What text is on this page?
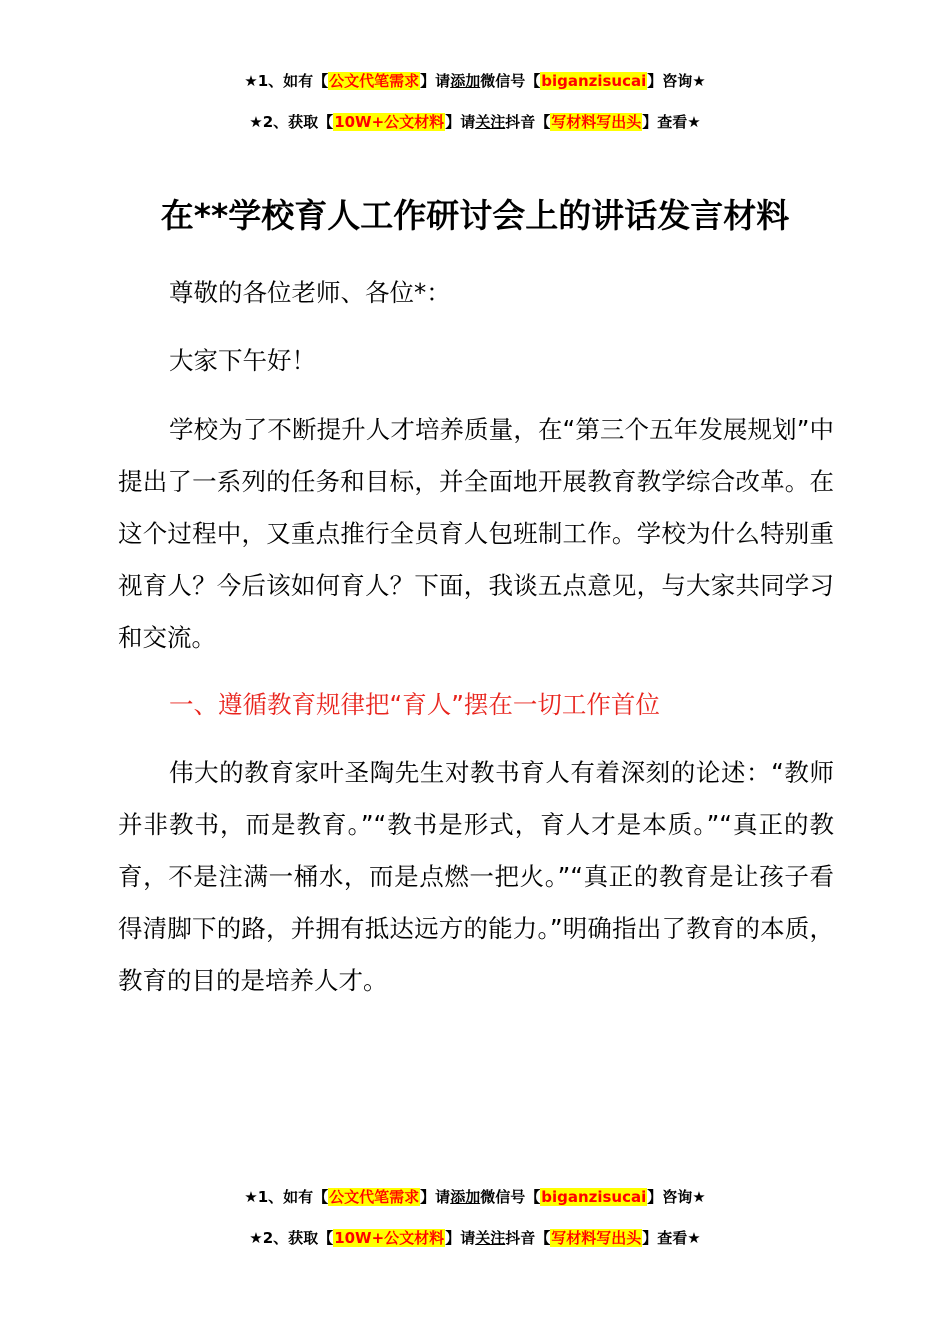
★1、如有【公文代笔需求】请添加微信号【biganzisucai】咨询★
★2、获取【10W+公文材料】请关注抖音【写材料写出头】查看★
在**学校育人工作研讨会上的讲话发言材料

尊敬的各位老师、各位*：

大家下午好！

学校为了不断提升人才培养质量，在“第三个五年发展规划”中提出了一系列的任务和目标，并全面地开展教育教学综合改革。在这个过程中，又重点推行全员育人包班制工作。学校为什么特别重视育人？今后该如何育人？下面，我谈五点意见，与大家共同学习和交流。

一、遵循教育规律把“育人”摆在一切工作首位

伟大的教育家叶圣陶先生对教书育人有着深刻的论述：“教师并非教书，而是教育。”“教书是形式，育人才是本质。”“真正的教育，不是注满一桶水，而是点燃一把火。”“真正的教育是让孩子看得清脚下的路，并拥有抵达远方的能力。”明确指出了教育的本质，教育的目的是培养人才。

★1、如有【公文代笔需求】请添加微信号【biganzisucai】咨询★
★2、获取【10W+公文材料】请关注抖音【写材料写出头】查看★
